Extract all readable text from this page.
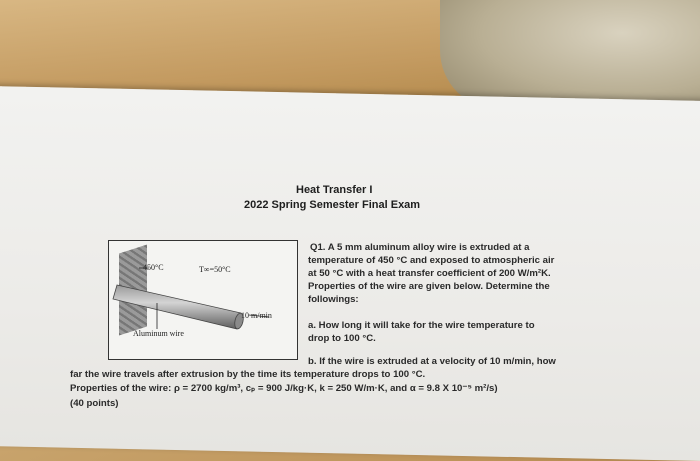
Heat Transfer I
2022 Spring Semester Final Exam
450°C	T∞=50°C
10 m/min
Aluminum wire
Q1. A 5 mm aluminum alloy wire is extruded at a
temperature of 450 °C and exposed to atmospheric air
at 50 °C with a heat transfer coefficient of 200 W/m²K.
Properties of the wire are given below. Determine the
followings:
a. How long it will take for the wire temperature to
drop to 100 °C.
b. If the wire is extruded at a velocity of 10 m/min, how
far the wire travels after extrusion by the time its temperature drops to 100 °C.
Properties of the wire: ρ = 2700 kg/m³, cₚ = 900 J/kg·K, k = 250 W/m·K, and α = 9.8 X 10⁻⁵ m²/s)
(40 points)
